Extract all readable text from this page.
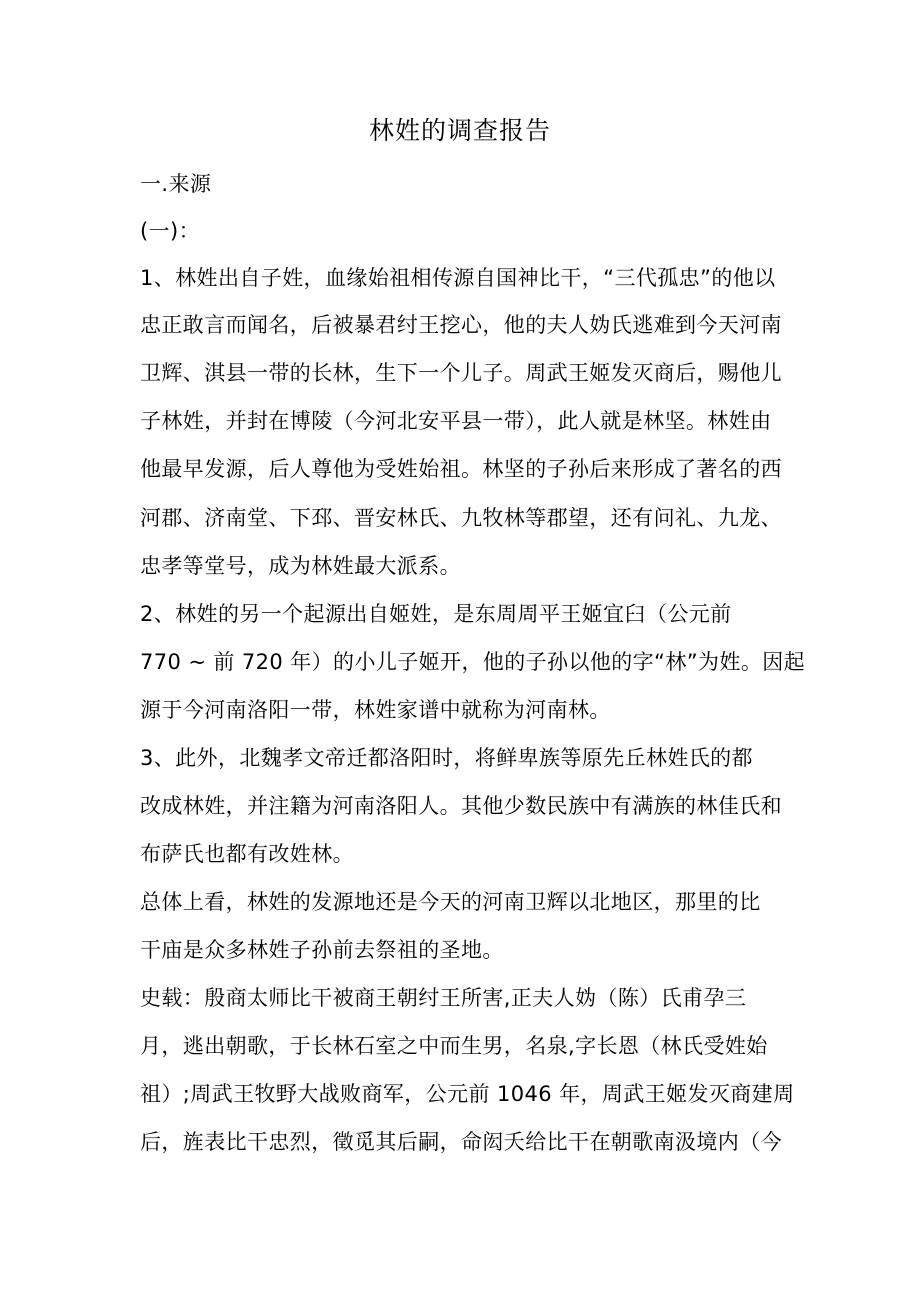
林姓的调查报告

一.来源

(一)：

1、林姓出自子姓，血缘始祖相传源自国神比干，“三代孤忠”的他以

忠正敢言而闻名，后被暴君纣王挖心，他的夫人妫氏逃难到今天河南

卫辉、淇县一带的长林，生下一个儿子。周武王姬发灭商后，赐他儿

子林姓，并封在博陵（今河北安平县一带），此人就是林坚。林姓由

他最早发源，后人尊他为受姓始祖。林坚的子孙后来形成了著名的西

河郡、济南堂、下邳、晋安林氏、九牧林等郡望，还有问礼、九龙、

忠孝等堂号，成为林姓最大派系。

2、林姓的另一个起源出自姬姓，是东周周平王姬宜臼（公元前

770 ~ 前 720 年）的小儿子姬开，他的子孙以他的字“林”为姓。因起

源于今河南洛阳一带，林姓家谱中就称为河南林。

3、此外，北魏孝文帝迁都洛阳时，将鲜卑族等原先丘林姓氏的都

改成林姓，并注籍为河南洛阳人。其他少数民族中有满族的林佳氏和

布萨氏也都有改姓林。

总体上看，林姓的发源地还是今天的河南卫辉以北地区，那里的比

干庙是众多林姓子孙前去祭祖的圣地。

史载：殷商太师比干被商王朝纣王所害,正夫人妫（陈）氏甫孕三

月，逃出朝歌，于长林石室之中而生男，名泉,字长恩（林氏受姓始

祖）;周武王牧野大战败商军，公元前 1046 年，周武王姬发灭商建周

后，旌表比干忠烈，徵觅其后嗣，命闳夭给比干在朝歌南汲境内（今
